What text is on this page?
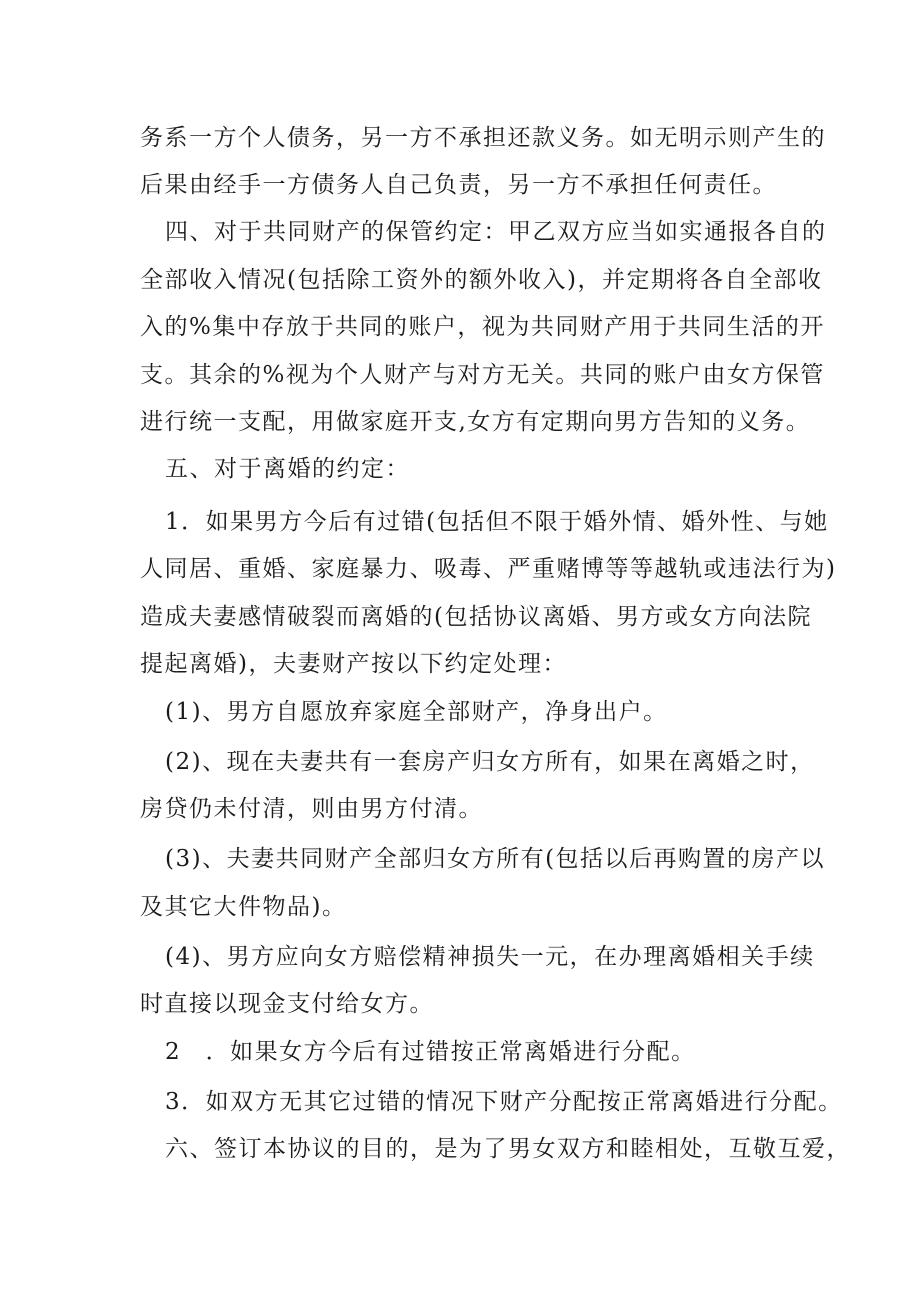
务系一方个人债务，另一方不承担还款义务。如无明示则产生的
后果由经手一方债务人自己负责，另一方不承担任何责任。
四、对于共同财产的保管约定：甲乙双方应当如实通报各自的
全部收入情况(包括除工资外的额外收入)，并定期将各自全部收
入的%集中存放于共同的账户，视为共同财产用于共同生活的开
支。其余的%视为个人财产与对方无关。共同的账户由女方保管
进行统一支配，用做家庭开支,女方有定期向男方告知的义务。
五、对于离婚的约定：
1．如果男方今后有过错(包括但不限于婚外情、婚外性、与她
人同居、重婚、家庭暴力、吸毒、严重赌博等等越轨或违法行为)
造成夫妻感情破裂而离婚的(包括协议离婚、男方或女方向法院
提起离婚)，夫妻财产按以下约定处理：
(1)、男方自愿放弃家庭全部财产，净身出户。
(2)、现在夫妻共有一套房产归女方所有，如果在离婚之时，
房贷仍未付清，则由男方付清。
(3)、夫妻共同财产全部归女方所有(包括以后再购置的房产以
及其它大件物品)。
(4)、男方应向女方赔偿精神损失一元，在办理离婚相关手续
时直接以现金支付给女方。
2　．如果女方今后有过错按正常离婚进行分配。
3．如双方无其它过错的情况下财产分配按正常离婚进行分配。
六、签订本协议的目的，是为了男女双方和睦相处，互敬互爱，
